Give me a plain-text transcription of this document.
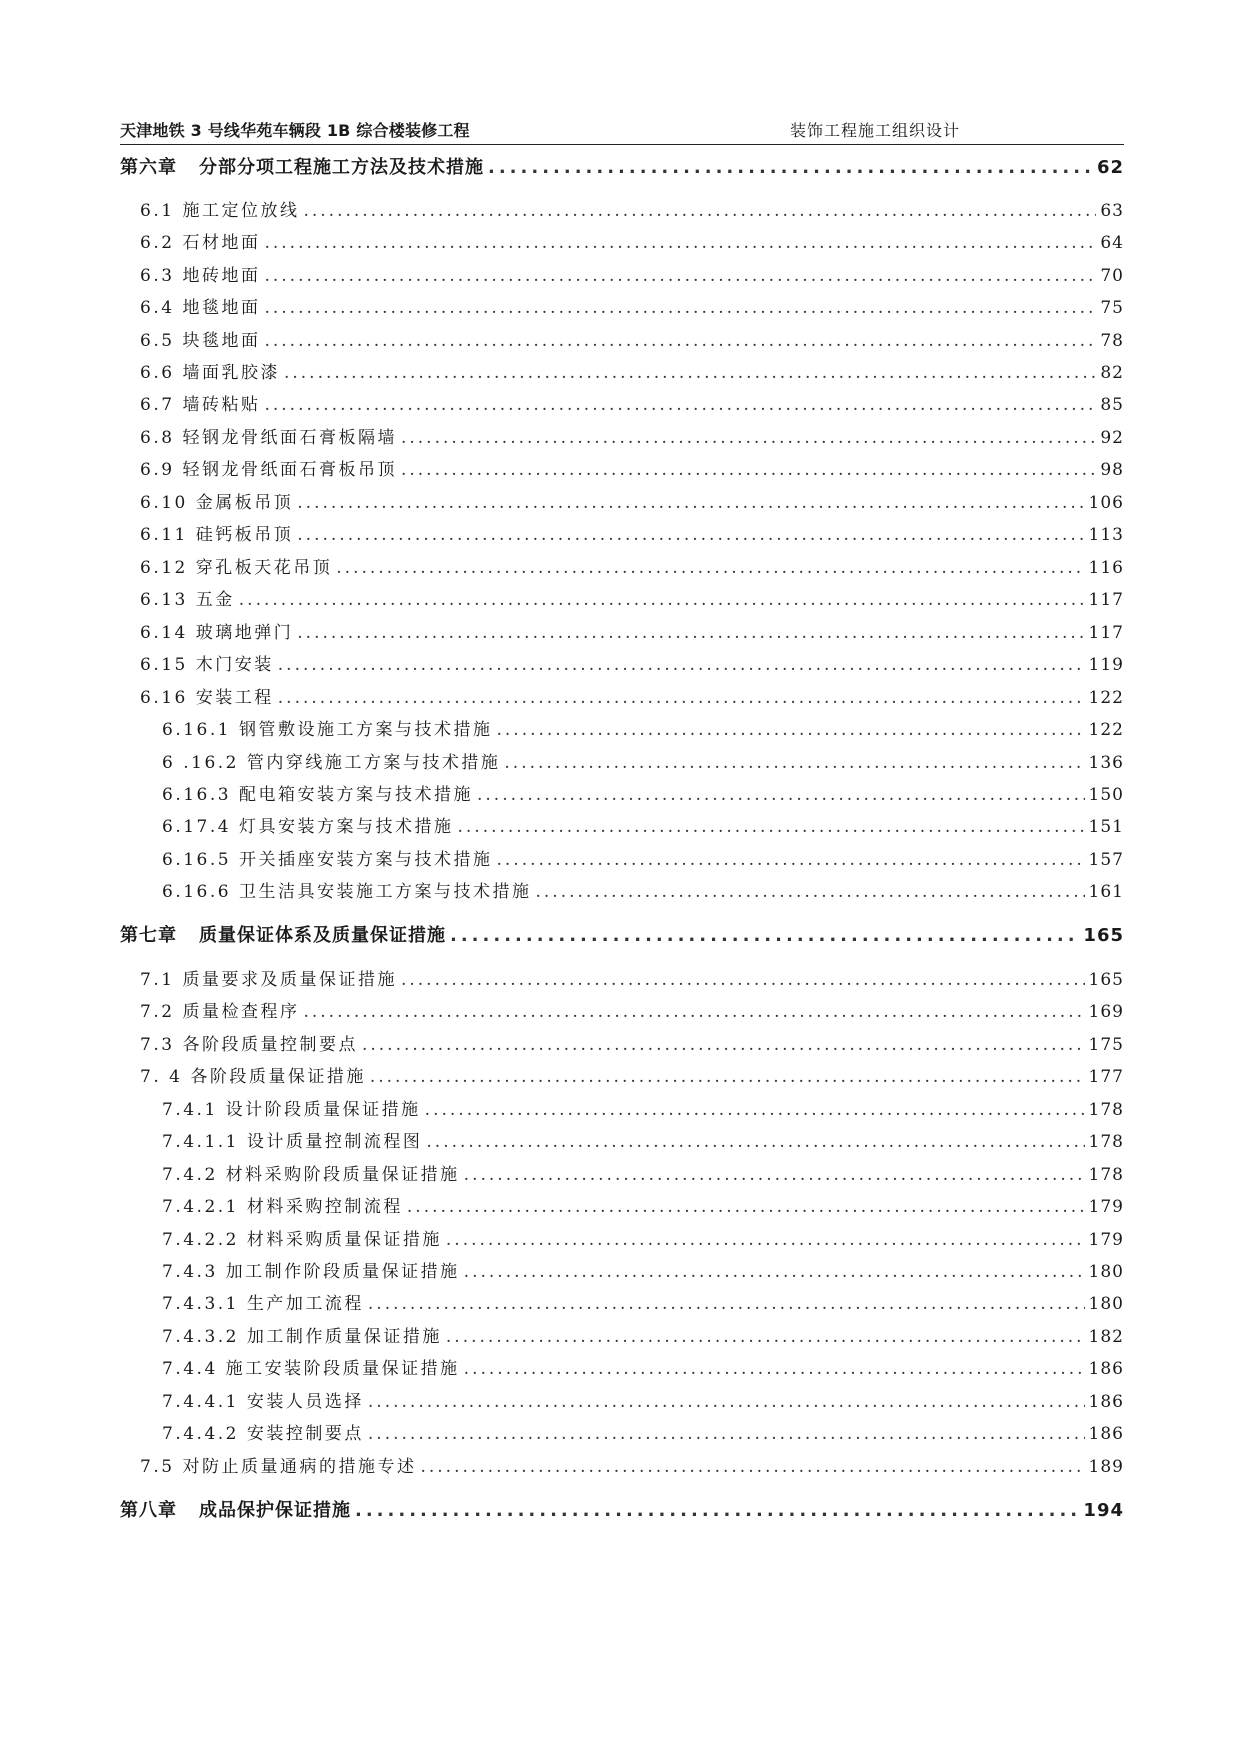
天津地铁 3 号线华苑车辆段 1B 综合楼装修工程	装饰工程施工组织设计
第六章 分部分项工程施工方法及技术措施 .....	62
6.1 施工定位放线 .....	63
6.2 石材地面 .....	64
6.3 地砖地面 .....	70
6.4 地毯地面 .....	75
6.5 块毯地面 .....	78
6.6 墙面乳胶漆 .....	82
6.7 墙砖粘贴 .....	85
6.8 轻钢龙骨纸面石膏板隔墙 .....	92
6.9 轻钢龙骨纸面石膏板吊顶 .....	98
6.10 金属板吊顶 .....	106
6.11 硅钙板吊顶 .....	113
6.12 穿孔板天花吊顶 .....	116
6.13 五金 .....	117
6.14 玻璃地弹门 .....	117
6.15 木门安装 .....	119
6.16 安装工程 .....	122
6.16.1 钢管敷设施工方案与技术措施 .....	122
6 .16.2 管内穿线施工方案与技术措施 .....	136
6.16.3 配电箱安装方案与技术措施 .....	150
6.17.4 灯具安装方案与技术措施 .....	151
6.16.5 开关插座安装方案与技术措施 .....	157
6.16.6 卫生洁具安装施工方案与技术措施 .....	161
第七章 质量保证体系及质量保证措施 .....	165
7.1 质量要求及质量保证措施 .....	165
7.2 质量检查程序 .....	169
7.3 各阶段质量控制要点 .....	175
7. 4 各阶段质量保证措施 .....	177
7.4.1 设计阶段质量保证措施 .....	178
7.4.1.1 设计质量控制流程图 .....	178
7.4.2 材料采购阶段质量保证措施 .....	178
7.4.2.1 材料采购控制流程 .....	179
7.4.2.2 材料采购质量保证措施 .....	179
7.4.3 加工制作阶段质量保证措施 .....	180
7.4.3.1 生产加工流程 .....	180
7.4.3.2 加工制作质量保证措施 .....	182
7.4.4 施工安装阶段质量保证措施 .....	186
7.4.4.1 安装人员选择 .....	186
7.4.4.2 安装控制要点 .....	186
7.5 对防止质量通病的措施专述 .....	189
第八章 成品保护保证措施 .....	194
